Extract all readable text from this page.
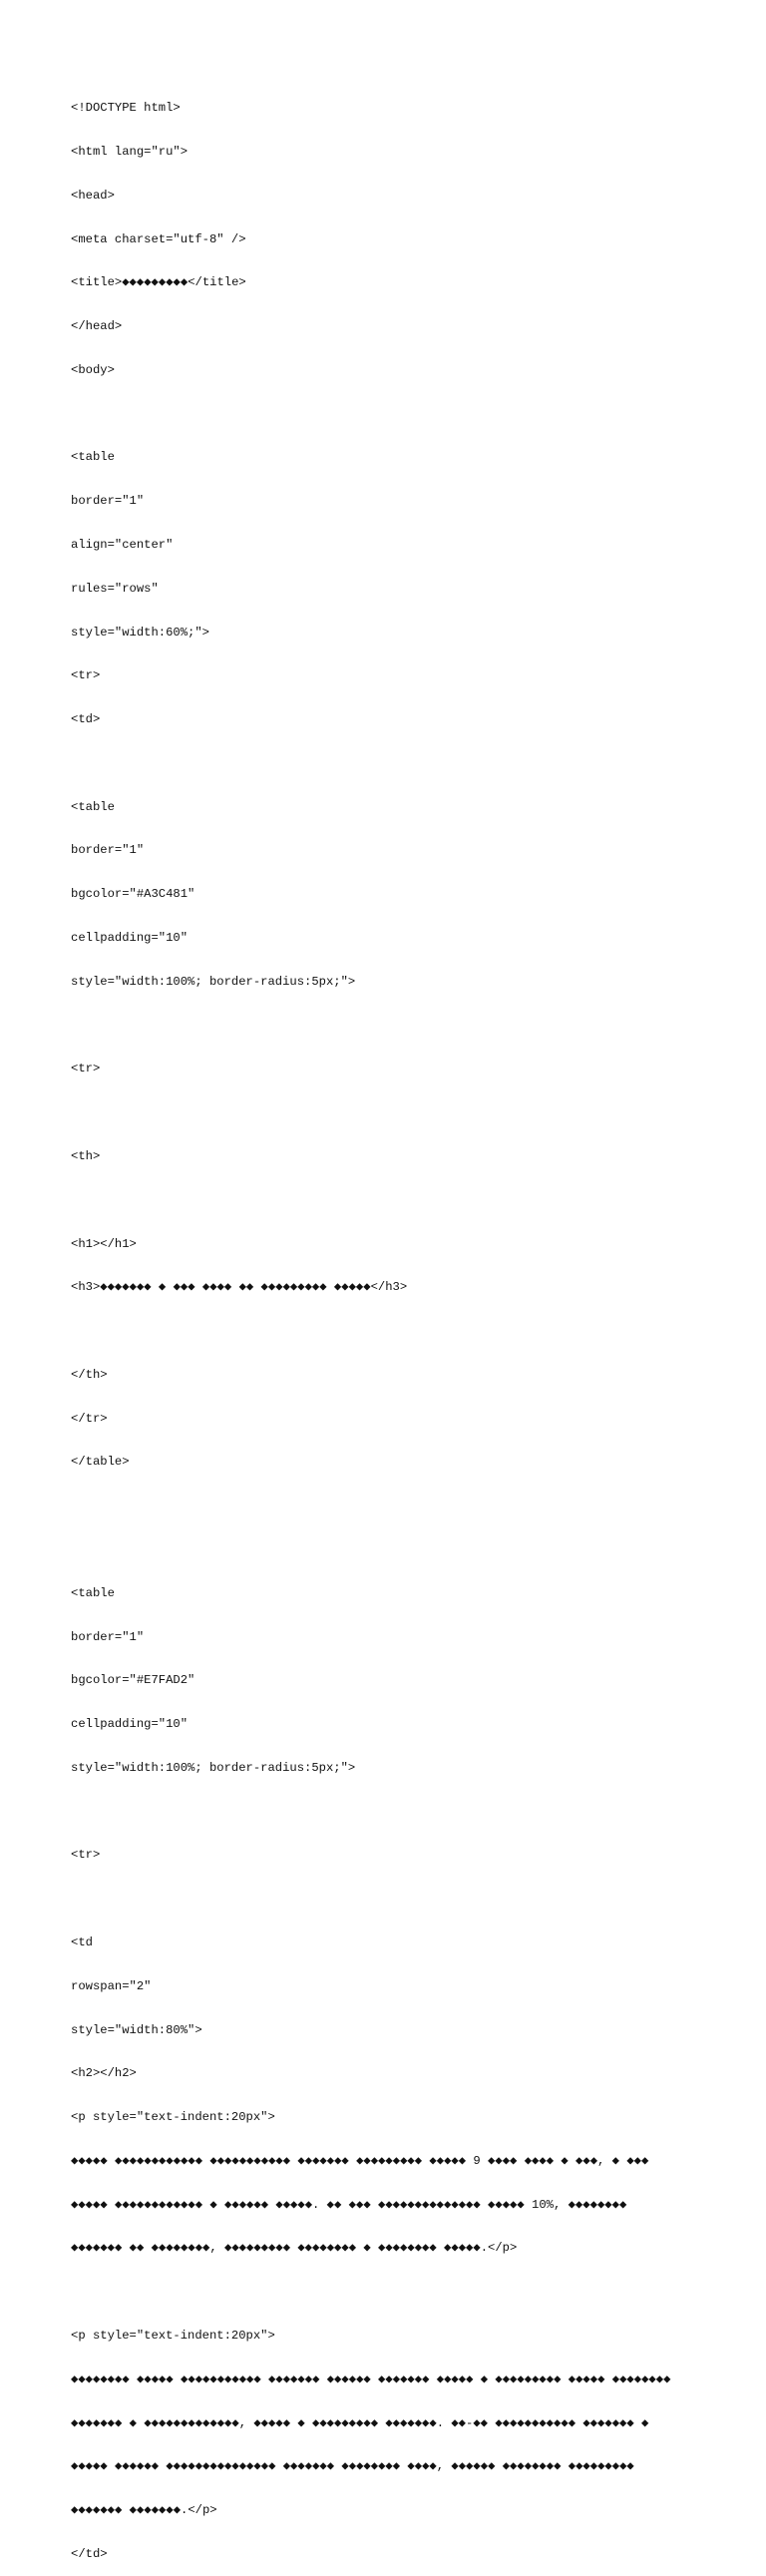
<!DOCTYPE html>

<html lang="ru">

<head>

<meta charset="utf-8" />

<title>◆◆◆◆◆◆◆◆◆</title>

</head>

<body>

<table

border="1"

align="center"

rules="rows"

style="width:60%;">

<tr>

<td>

<table

border="1"

bgcolor="#A3C481"

cellpadding="10"

style="width:100%; border-radius:5px;">

<tr>

<th>

<h1></h1>

<h3>◆◆◆◆◆◆◆ ◆ ◆◆◆ ◆◆◆◆ ◆◆ ◆◆◆◆◆◆◆◆◆ ◆◆◆◆◆</h3>

</th>

</tr>

</table>

<table

border="1"

bgcolor="#E7FAD2"

cellpadding="10"

style="width:100%; border-radius:5px;">

<tr>

<td

rowspan="2"

style="width:80%">

<h2></h2>

<p style="text-indent:20px">

◆◆◆◆◆ ◆◆◆◆◆◆◆◆◆◆◆◆ ◆◆◆◆◆◆◆◆◆◆◆ ◆◆◆◆◆◆◆ ◆◆◆◆◆◆◆◆◆ ◆◆◆◆◆ 9 ◆◆◆◆ ◆◆◆◆ ◆ ◆◆◆, ◆ ◆◆◆

◆◆◆◆◆ ◆◆◆◆◆◆◆◆◆◆◆◆ ◆ ◆◆◆◆◆◆ ◆◆◆◆◆. ◆◆ ◆◆◆ ◆◆◆◆◆◆◆◆◆◆◆◆◆◆ ◆◆◆◆◆ 10%, ◆◆◆◆◆◆◆◆

◆◆◆◆◆◆◆ ◆◆ ◆◆◆◆◆◆◆◆, ◆◆◆◆◆◆◆◆◆ ◆◆◆◆◆◆◆◆ ◆ ◆◆◆◆◆◆◆◆ ◆◆◆◆◆.</p>

<p style="text-indent:20px">

◆◆◆◆◆◆◆◆ ◆◆◆◆◆ ◆◆◆◆◆◆◆◆◆◆◆ ◆◆◆◆◆◆◆ ◆◆◆◆◆◆ ◆◆◆◆◆◆◆ ◆◆◆◆◆ ◆ ◆◆◆◆◆◆◆◆◆ ◆◆◆◆◆ ◆◆◆◆◆◆◆◆

◆◆◆◆◆◆◆ ◆ ◆◆◆◆◆◆◆◆◆◆◆◆◆, ◆◆◆◆◆ ◆ ◆◆◆◆◆◆◆◆◆ ◆◆◆◆◆◆◆. ◆◆-◆◆ ◆◆◆◆◆◆◆◆◆◆◆ ◆◆◆◆◆◆◆ ◆

◆◆◆◆◆ ◆◆◆◆◆◆ ◆◆◆◆◆◆◆◆◆◆◆◆◆◆◆ ◆◆◆◆◆◆◆ ◆◆◆◆◆◆◆◆ ◆◆◆◆, ◆◆◆◆◆◆ ◆◆◆◆◆◆◆◆ ◆◆◆◆◆◆◆◆◆

◆◆◆◆◆◆◆ ◆◆◆◆◆◆◆.</p>

</td>
